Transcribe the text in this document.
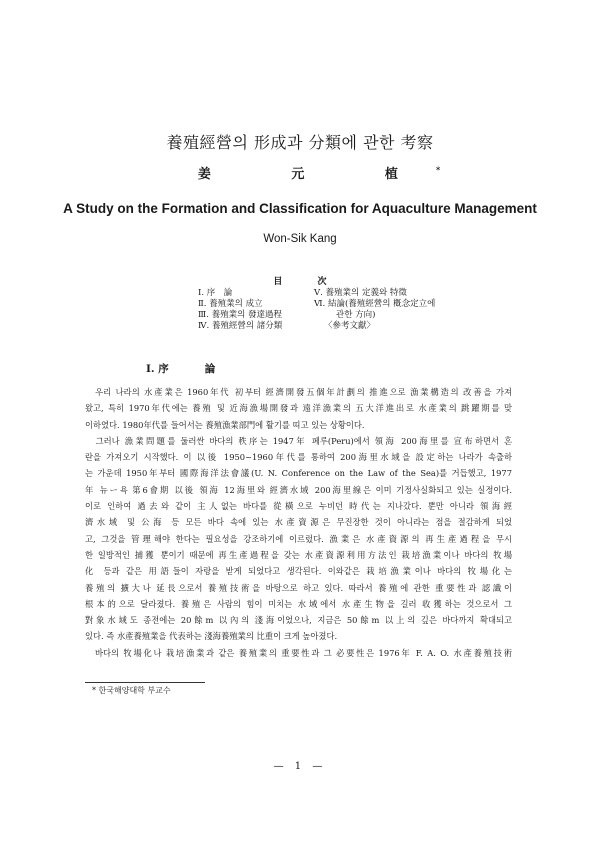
養殖經營의 形成과 分類에 관한 考察
姜 元 植*
A Study on the Formation and Classification for Aquaculture Management
Won-Sik Kang
目 次
Ⅰ. 序　論
Ⅱ. 養殖業의 成立
Ⅲ. 養殖業의 發達過程
Ⅳ. 養殖經營의 諸分類
Ⅴ. 養殖業의 定義와 特徵
Ⅵ. 結論(養殖經營의 槪念定立에
관한 方向)
〈參考文獻〉
Ⅰ. 序	論
　우리 나라의 水產業은 1960年代 初부터 經濟開發五個年計劃의 推進으로 漁業構造의 改善을 가져
왔고, 특히 1970年代에는 養殖 및 近海漁場開發과 遠洋漁業의 五大洋進出로 水產業의 跳躍期를 맞
이하였다. 1980年代를 들어서는 養殖漁業部門에 활기를 띠고 있는 상황이다.
　그러나 漁業問題를 둘러싼 바다의 秩序는 1947年 페루(Peru)에서 領海 200海里를 宣布하면서 혼
란을 가져오기 시작했다. 이 以後 1950~1960年代를 통하여 200海里水域을 設定하는 나라가 속출하
는 가운데 1950年부터 國際海洋法會議(U. N. Conference on the Law of the Sea)를 거듭했고, 1977
年 뉴ー욕 第6會期 以後 領海 12海里와 經濟水域 200海里線은 이미 기정사실화되고 있는 실정이다.
이로 인하여 過去와 같이 主人없는 바다를 從橫으로 누비던 時代는 지나갔다. 뿐만 아니라 領海經
濟水域 및 公海 등 모든 바다 속에 있는 水產資源은 무진장한 것이 아니라는 점을 절감하게 되었
고, 그것을 管理해야 한다는 필요성을 강조하기에 이르렀다. 漁業은 水產資源의 再生產過程을 무시
한 일방적인 捕獲 뿐이기 때문에 再生產過程을 갖는 水產資源利用方法인 栽培漁業이나 바다의 牧場
化 등과 같은 用語들이 자랑을 받게 되었다고 생각된다. 이와같은 栽培漁業이나 바다의 牧場化는
養殖의 擴大나 延長으로서 養殖技術을 바탕으로 하고 있다. 따라서 養殖에 관한 重要性과 認識이
根本的으로 달라졌다. 養殖은 사람의 힘이 미치는 水域에서 水產生物을 길러 收獲하는 것으로서 그
對象水域도 종전에는 20餘m 以內의 淺海이었으나, 지금은 50餘m 以上의 깊은 바다까지 확대되고
있다. 즉 水產養殖業을 代表하는 淺海養殖業의 比重이 크게 높아졌다.
　바다의 牧場化나 栽培漁業과 같은 養殖業의 重要性과 그 必要性은 1976年 F. A. O. 水產養殖技術
* 한국해양대학 부교수
— 1 —
